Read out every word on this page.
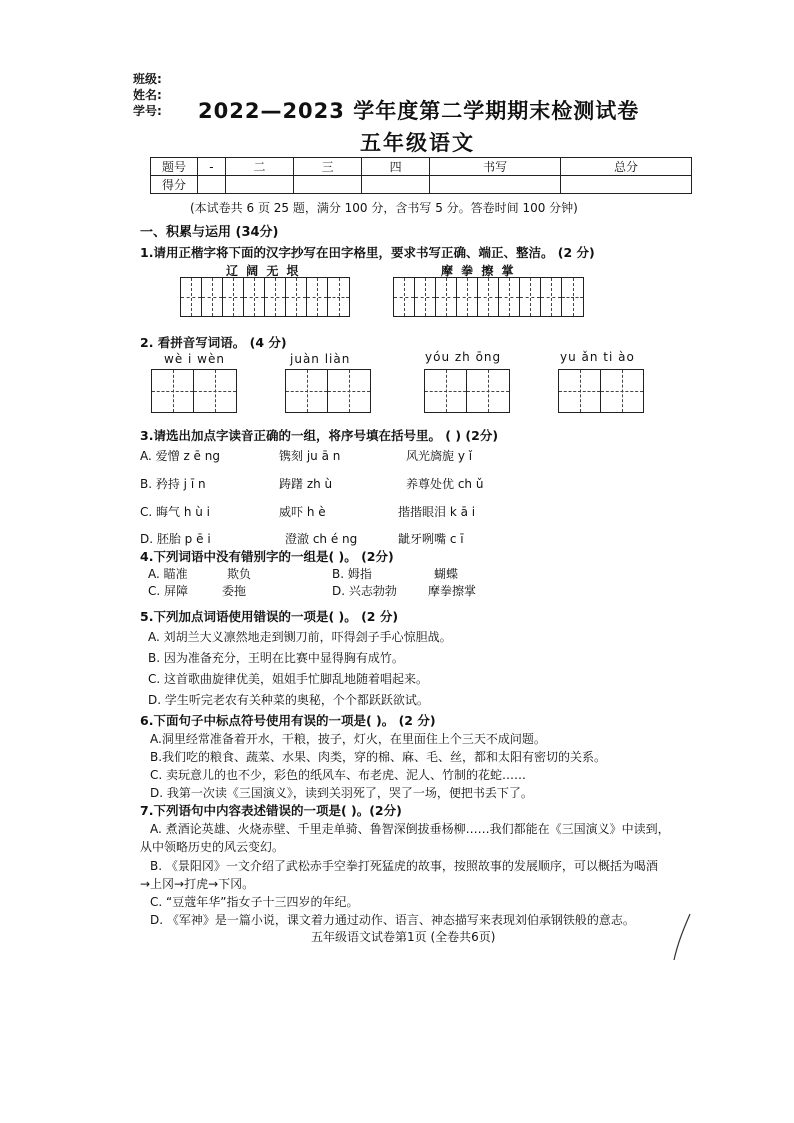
班级:
姓名:
学号: 2022—2023 学年度第二学期期末检测试卷
五年级语文
题号	-	二	三	四	书写	总分
得分						
(本试卷共 6 页 25 题，满分 100 分，含书写 5 分。答卷时间 100 分钟)
一、积累与运用 (34分)
1.请用正楷字将下面的汉字抄写在田字格里，要求书写正确、端正、整洁。 (2 分)
辽 阔 无 垠	摩 拳 擦 掌
2. 看拼音写词语。 (4 分)
wè i wèn	juàn liàn	yóu zh ōng	yu ǎn ti ào
3.请选出加点字读音正确的一组，将序号填在括号里。 ( ) (2分)
A. 爱憎 z ē ng	镌刻 ju ā n	风光旖旎 y ǐ
B. 矜持 j ī n	踌躇 zh ù	养尊处优 ch ǔ
C. 晦气 h ù i	威吓 h è	揩揩眼泪 k ā i
D. 胚胎 p ē i	澄澈 ch é ng	龇牙咧嘴 c ī
4.下列词语中没有错别字的一组是( )。 (2分)
A. 瞄准	欺负	B. 姆指	蝴蝶
C. 屏障	委拖	D. 兴志勃勃	摩拳擦掌
5.下列加点词语使用错误的一项是( )。 (2 分)
A. 刘胡兰大义凛然地走到铡刀前，吓得刽子手心惊胆战。
B. 因为准备充分，王明在比赛中显得胸有成竹。
C. 这首歌曲旋律优美，姐姐手忙脚乱地随着唱起来。
D. 学生听完老农有关种菜的奥秘，个个都跃跃欲试。
6.下面句子中标点符号使用有误的一项是( )。 (2 分)
A.洞里经常准备着开水，干粮，披子，灯火，在里面住上个三天不成问题。
B.我们吃的粮食、蔬菜、水果、肉类，穿的棉、麻、毛、丝，都和太阳有密切的关系。
C. 卖玩意儿的也不少，彩色的纸风车、布老虎、泥人、竹制的花蛇……
D. 我第一次读《三国演义》，读到关羽死了，哭了一场，便把书丢下了。
7.下列语句中内容表述错误的一项是( )。(2分)
A. 煮酒论英雄、火烧赤壁、千里走单骑、鲁智深倒拔垂杨柳……我们都能在《三国演义》中读到，
从中领略历史的风云变幻。
B. 《景阳冈》一文介绍了武松赤手空拳打死猛虎的故事，按照故事的发展顺序，可以概括为喝酒
→上冈→打虎→下冈。
C. “豆蔻年华”指女子十三四岁的年纪。
D. 《军神》是一篇小说，课文着力通过动作、语言、神态描写来表现刘伯承钢铁般的意志。
五年级语文试卷第1页 (全卷共6页)
